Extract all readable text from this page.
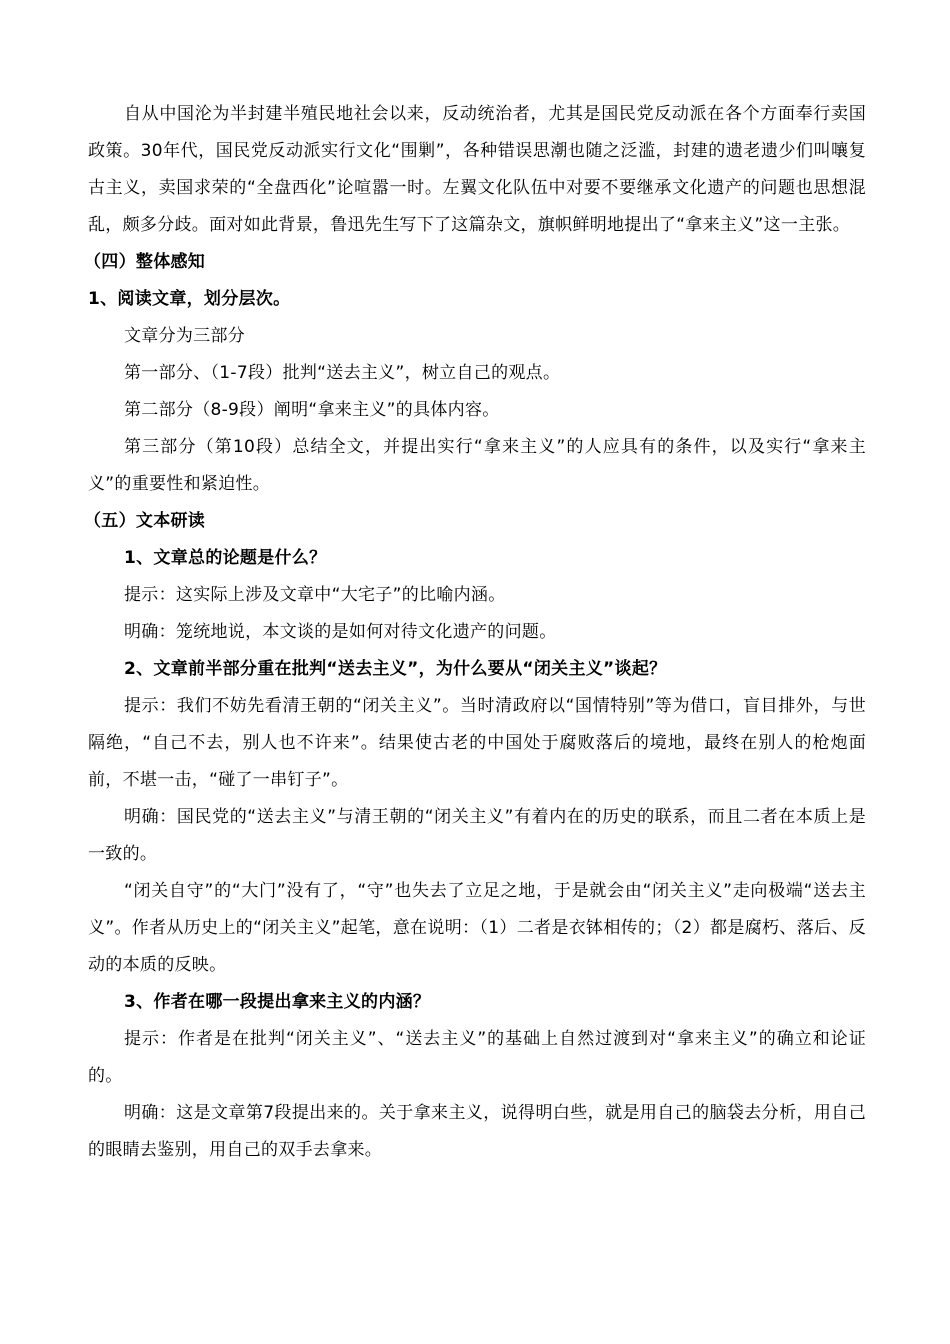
自从中国沦为半封建半殖民地社会以来，反动统治者，尤其是国民党反动派在各个方面奉行卖国政策。30年代，国民党反动派实行文化“围剿”，各种错误思潮也随之泛滥，封建的遗老遗少们叫嚷复古主义，卖国求荣的“全盘西化”论喧嚣一时。左翼文化队伍中对要不要继承文化遗产的问题也思想混乱，颇多分歧。面对如此背景，鲁迅先生写下了这篇杂文，旗帜鲜明地提出了“拿来主义”这一主张。

（四）整体感知

1、阅读文章，划分层次。

文章分为三部分

第一部分、（1-7段）批判“送去主义”，树立自己的观点。

第二部分（8-9段）阐明“拿来主义”的具体内容。

第三部分（第10段）总结全文，并提出实行“拿来主义”的人应具有的条件，以及实行“拿来主义”的重要性和紧迫性。

（五）文本研读

1、文章总的论题是什么？

提示：这实际上涉及文章中“大宅子”的比喻内涵。

明确：笼统地说，本文谈的是如何对待文化遗产的问题。

2、文章前半部分重在批判“送去主义”，为什么要从“闭关主义”谈起？

提示：我们不妨先看清王朝的“闭关主义”。当时清政府以“国情特别”等为借口，盲目排外，与世隔绝，“自己不去，别人也不许来”。结果使古老的中国处于腐败落后的境地，最终在别人的枪炮面前，不堪一击，“碰了一串钉子”。

明确：国民党的“送去主义”与清王朝的“闭关主义”有着内在的历史的联系，而且二者在本质上是一致的。

“闭关自守”的“大门”没有了，“守”也失去了立足之地，于是就会由“闭关主义”走向极端“送去主义”。作者从历史上的“闭关主义”起笔，意在说明：（1）二者是衣钵相传的；（2）都是腐朽、落后、反动的本质的反映。

3、作者在哪一段提出拿来主义的内涵？

提示：作者是在批判“闭关主义”、“送去主义”的基础上自然过渡到对“拿来主义”的确立和论证的。

明确：这是文章第7段提出来的。关于拿来主义，说得明白些，就是用自己的脑袋去分析，用自己的眼睛去鉴别，用自己的双手去拿来。
